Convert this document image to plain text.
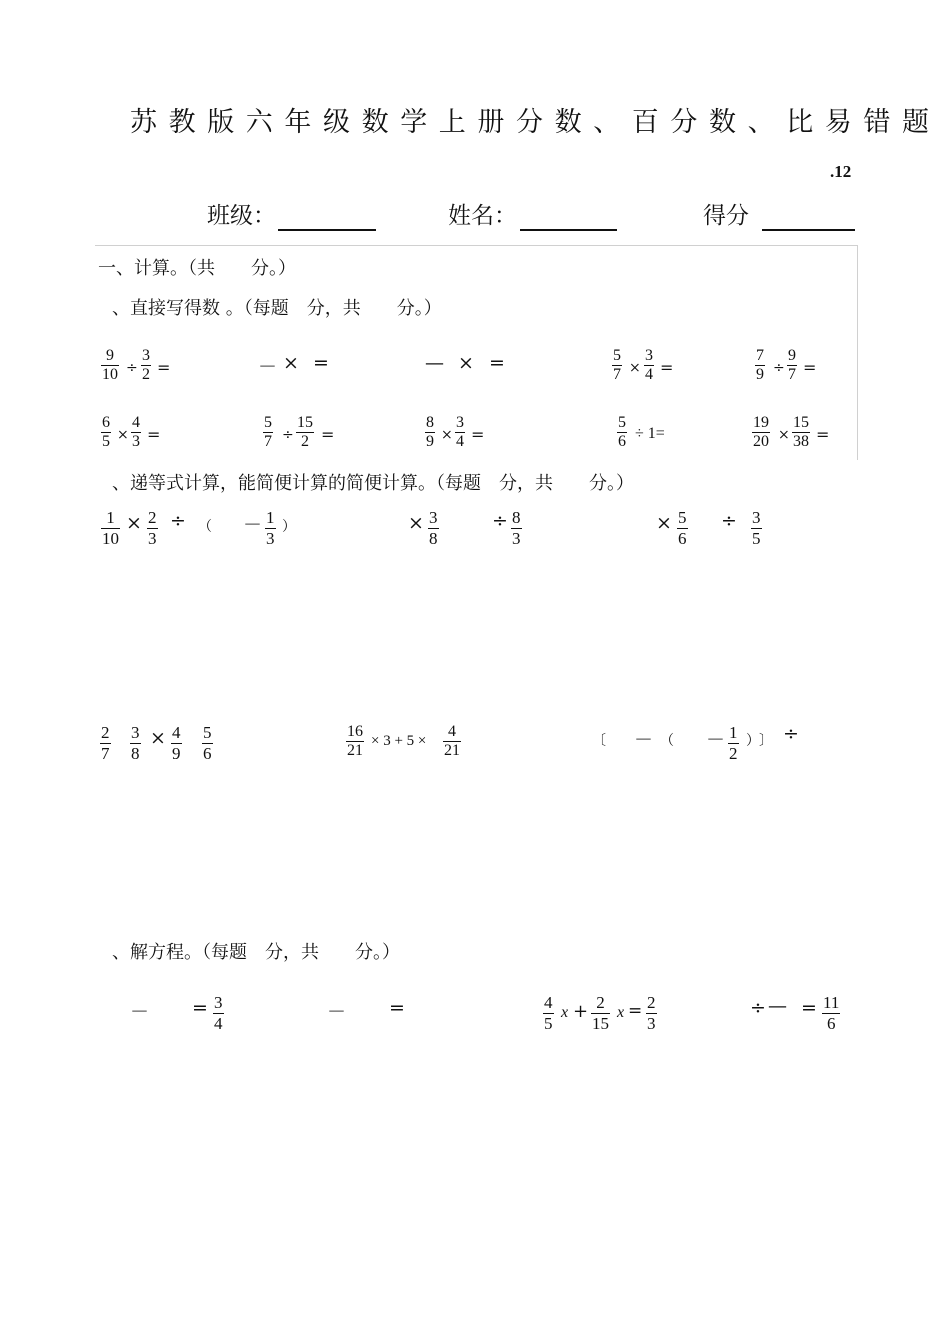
苏教版六年级数学上册分数、百分数、比易错题
.12
班级：	姓名：	得分
一、计算。（共　　分。）
、直接写得数 。（每题　分，共　　分。）
$\frac{9}{10} \div \frac{3}{2}$ =	－ × =	— × =	$\frac{5}{7} \times \frac{3}{4}$ =	$\frac{7}{9} \div \frac{9}{7}$ =
$\frac{6}{5} \times \frac{4}{3}$ =	$\frac{5}{7} \div \frac{15}{2}$ =	$\frac{8}{9} \times \frac{3}{4}$ =	$\frac{5}{6} \div 1=$	$\frac{19}{20} \times \frac{15}{38}$ =
、递等式计算，能简便计算的简便计算。（每题　分，共　　分。）
$\frac{1}{10} \times \frac{2}{3}$ ÷ （ － $\frac{1}{3}$ ）	× $\frac{3}{8}$	÷ $\frac{8}{3}$	× $\frac{5}{6} \div \frac{3}{5}$
$\frac{2}{7} \frac{3}{8} \times \frac{4}{9} \frac{5}{6}$	$\frac{16}{21} \times 3 + 5 \times \frac{4}{21}$	〔 － （ － $\frac{1}{2}$ ） 〕 ÷
、解方程。（每题　分，共　　分。）
－ = $\frac{3}{4}$	－ =	$\frac{4}{5}$ $x + \frac{2}{15}$ $x = \frac{2}{3}$	÷ — = $\frac{11}{6}$
